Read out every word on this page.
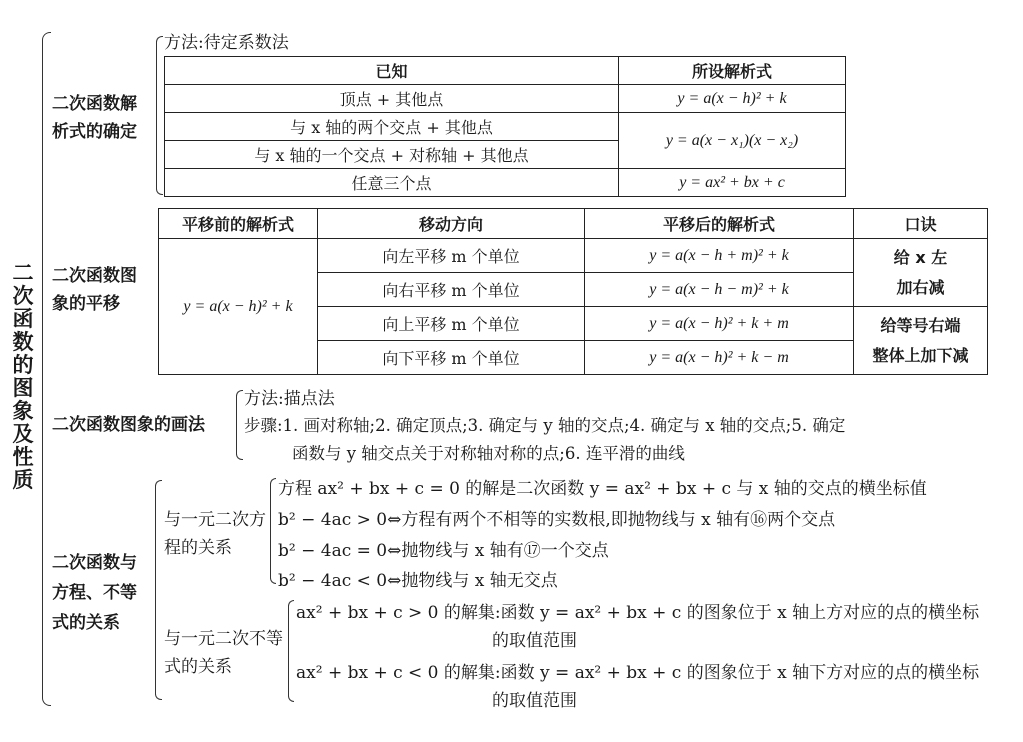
二
次
函
数
的
图
象
及
性
质
二次函数解析式的确定
方法:待定系数法
已知	所设解析式
顶点 + 其他点	y = a(x − h)² + k
与 x 轴的两个交点 + 其他点	y = a(x − x₁)(x − x₂)
与 x 轴的一个交点 + 对称轴 + 其他点	
任意三个点	y = ax² + bx + c
二次函数图象的平移
平移前的解析式	移动方向	平移后的解析式	口诀
y = a(x − h)² + k	向左平移 m 个单位	y = a(x − h + m)² + k	给 x 左
加右减

	向右平移 m 个单位	y = a(x − h − m)² + k	
	向上平移 m 个单位	y = a(x − h)² + k + m	给等号右端
整体上加下减

	向下平移 m 个单位	y = a(x − h)² + k − m	
二次函数图象的画法
方法:描点法
步骤:1. 画对称轴;2. 确定顶点;3. 确定与 y 轴的交点;4. 确定与 x 轴的交点;5. 确定
函数与 y 轴交点关于对称轴对称的点;6. 连平滑的曲线
二次函数与方程、不等式的关系
与一元二次方程的关系
方程 ax² + bx + c = 0 的解是二次函数 y = ax² + bx + c 与 x 轴的交点的横坐标值
b² − 4ac > 0⇔方程有两个不相等的实数根,即抛物线与 x 轴有⑯两个交点
b² − 4ac = 0⇔抛物线与 x 轴有⑰一个交点
b² − 4ac < 0⇔抛物线与 x 轴无交点
与一元二次不等式的关系
ax² + bx + c > 0 的解集:函数 y = ax² + bx + c 的图象位于 x 轴上方对应的点的横坐标
的取值范围
ax² + bx + c < 0 的解集:函数 y = ax² + bx + c 的图象位于 x 轴下方对应的点的横坐标
的取值范围
